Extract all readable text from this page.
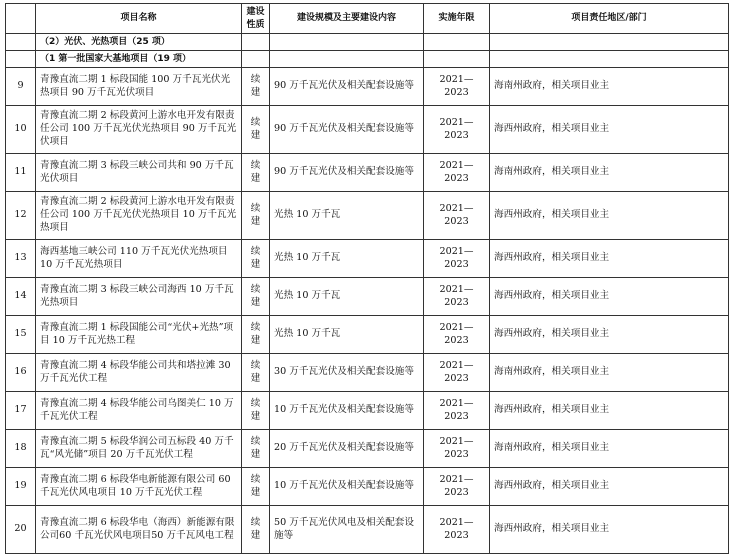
	项目名称	建设性质	建设规模及主要建设内容	实施年限	项目责任地区/部门
	（2）光伏、光热项目（25 项）				
	（1 第一批国家大基地项目（19 项）				
9	青豫直流二期 1 标段国能 100 万千瓦光伏光热项目 90 万千瓦光伏项目	续建	90 万千瓦光伏及相关配套设施等	2021—2023	海南州政府，相关项目业主
10	青豫直流二期 2 标段黄河上游水电开发有限责任公司 100 万千瓦光伏光热项目 90 万千瓦光伏项目	续建	90 万千瓦光伏及相关配套设施等	2021—2023	海西州政府，相关项目业主
11	青豫直流二期 3 标段三峡公司共和 90 万千瓦光伏项目	续建	90 万千瓦光伏及相关配套设施等	2021—2023	海南州政府，相关项目业主
12	青豫直流二期 2 标段黄河上游水电开发有限责任公司 100 万千瓦光伏光热项目 10 万千瓦光热项目	续建	光热 10 万千瓦	2021—2023	海西州政府，相关项目业主
13	海西基地三峡公司 110 万千瓦光伏光热项目 10 万千瓦光热项目	续建	光热 10 万千瓦	2021—2023	海西州政府，相关项目业主
14	青豫直流二期 3 标段三峡公司海西 10 万千瓦光热项目	续建	光热 10 万千瓦	2021—2023	海西州政府，相关项目业主
15	青豫直流二期 1 标段国能公司“光伏+光热”项目 10 万千瓦光热工程	续建	光热 10 万千瓦	2021—2023	海西州政府，相关项目业主
16	青豫直流二期 4 标段华能公司共和塔拉滩 30 万千瓦光伏工程	续建	30 万千瓦光伏及相关配套设施等	2021—2023	海南州政府，相关项目业主
17	青豫直流二期 4 标段华能公司乌图美仁 10 万千瓦光伏工程	续建	10 万千瓦光伏及相关配套设施等	2021—2023	海西州政府，相关项目业主
18	青豫直流二期 5 标段华润公司五标段 40 万千瓦“风光储”项目 20 万千瓦光伏工程	续建	20 万千瓦光伏及相关配套设施等	2021—2023	海南州政府，相关项目业主
19	青豫直流二期 6 标段华电新能源有限公司 60 千瓦光伏风电项目 10 万千瓦光伏工程	续建	10 万千瓦光伏及相关配套设施等	2021—2023	海西州政府，相关项目业主
20	青豫直流二期 6 标段华电（海西）新能源有限公司60 千瓦光伏风电项目50 万千瓦风电工程	续建	50 万千瓦光伏风电及相关配套设施等	2021—2023	海西州政府，相关项目业主
